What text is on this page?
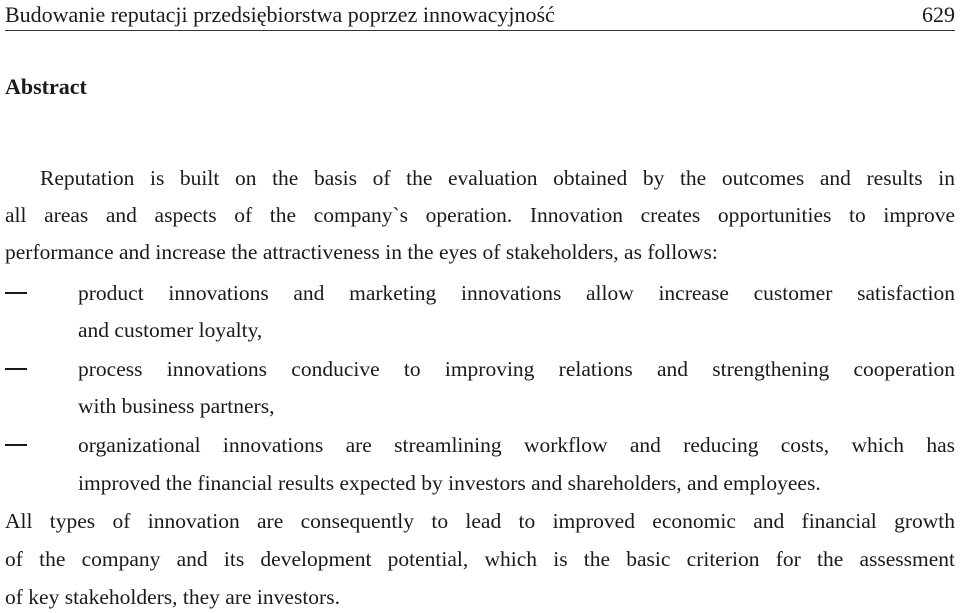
Budowanie reputacji przedsiębiorstwa poprzez innowacyjność	629
Abstract
Reputation is built on the basis of the evaluation obtained by the outcomes and results in
all areas and aspects of the company`s operation. Innovation creates opportunities to improve
performance and increase the attractiveness in the eyes of stakeholders, as follows:
product innovations and marketing innovations allow increase customer satisfaction
and customer loyalty,
process innovations conducive to improving relations and strengthening cooperation
with business partners,
organizational innovations are streamlining workflow and reducing costs, which has
improved the financial results expected by investors and shareholders, and employees.
All types of innovation are consequently to lead to improved economic and financial growth
of the company and its development potential, which is the basic criterion for the assessment
of key stakeholders, they are investors.
